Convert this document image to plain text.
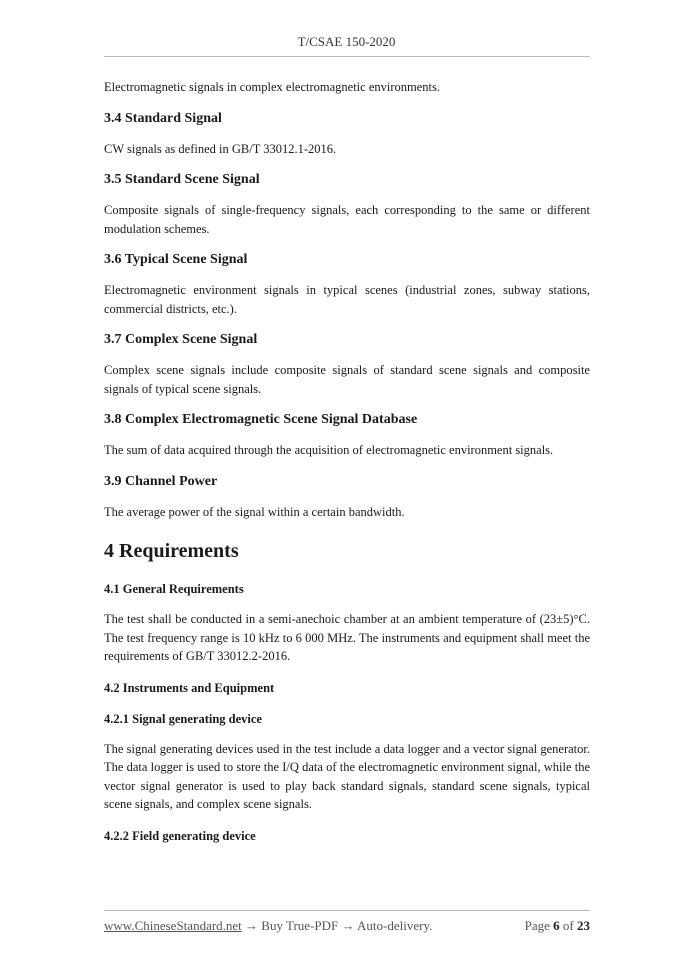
T/CSAE 150-2020

Electromagnetic signals in complex electromagnetic environments.

3.4 Standard Signal

CW signals as defined in GB/T 33012.1-2016.

3.5 Standard Scene Signal

Composite signals of single-frequency signals, each corresponding to the same or different modulation schemes.

3.6 Typical Scene Signal

Electromagnetic environment signals in typical scenes (industrial zones, subway stations, commercial districts, etc.).

3.7 Complex Scene Signal

Complex scene signals include composite signals of standard scene signals and composite signals of typical scene signals.

3.8 Complex Electromagnetic Scene Signal Database

The sum of data acquired through the acquisition of electromagnetic environment signals.

3.9 Channel Power

The average power of the signal within a certain bandwidth.

4 Requirements
4.1 General Requirements

The test shall be conducted in a semi-anechoic chamber at an ambient temperature of (23±5)°C. The test frequency range is 10 kHz to 6 000 MHz. The instruments and equipment shall meet the requirements of GB/T 33012.2-2016.

4.2 Instruments and Equipment
4.2.1 Signal generating device

The signal generating devices used in the test include a data logger and a vector signal generator. The data logger is used to store the I/Q data of the electromagnetic environment signal, while the vector signal generator is used to play back standard signals, standard scene signals, typical scene signals, and complex scene signals.

4.2.2 Field generating device
www.ChineseStandard.net → Buy True-PDF → Auto-delivery.	Page 6 of 23
